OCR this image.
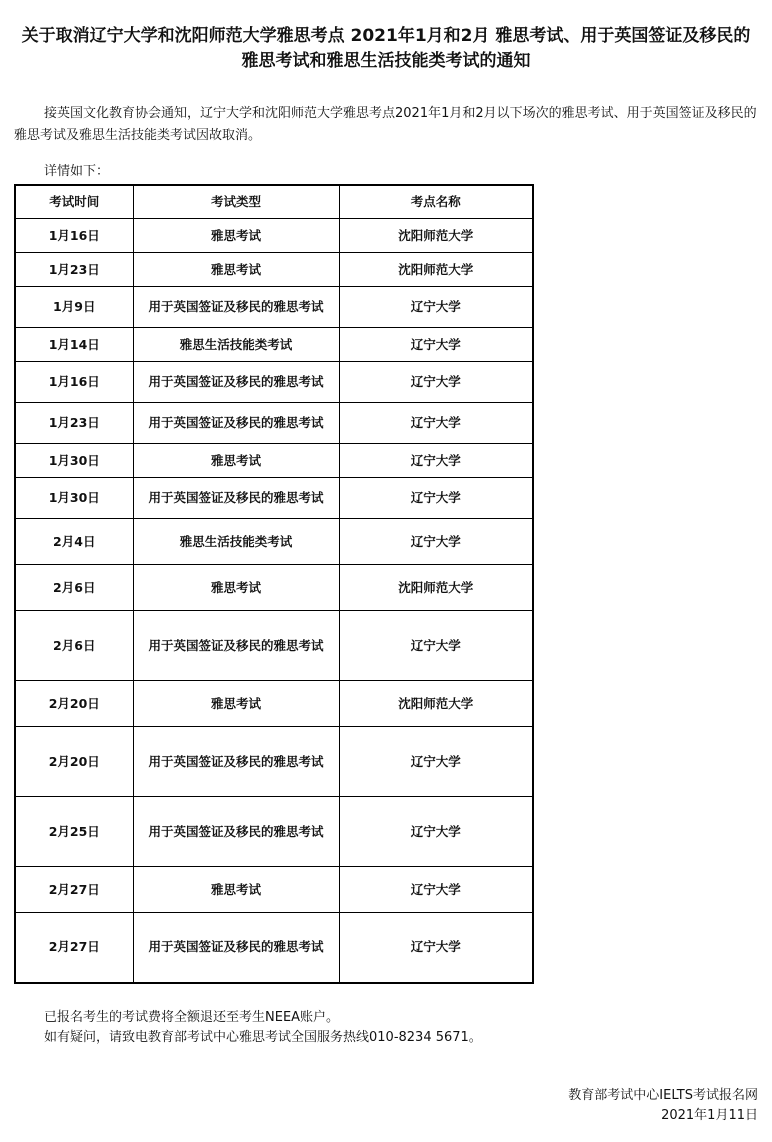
关于取消辽宁大学和沈阳师范大学雅思考点 2021年1月和2月 雅思考试、用于英国签证及移民的雅思考试和雅思生活技能类考试的通知
接英国文化教育协会通知，辽宁大学和沈阳师范大学雅思考点2021年1月和2月以下场次的雅思考试、用于英国签证及移民的雅思考试及雅思生活技能类考试因故取消。
详情如下：
考试时间	考试类型	考点名称
1月16日	雅思考试	沈阳师范大学
1月23日	雅思考试	沈阳师范大学
1月9日	用于英国签证及移民的雅思考试	辽宁大学
1月14日	雅思生活技能类考试	辽宁大学
1月16日	用于英国签证及移民的雅思考试	辽宁大学
1月23日	用于英国签证及移民的雅思考试	辽宁大学
1月30日	雅思考试	辽宁大学
1月30日	用于英国签证及移民的雅思考试	辽宁大学
2月4日	雅思生活技能类考试	辽宁大学
2月6日	雅思考试	沈阳师范大学
2月6日	用于英国签证及移民的雅思考试	辽宁大学
2月20日	雅思考试	沈阳师范大学
2月20日	用于英国签证及移民的雅思考试	辽宁大学
2月25日	用于英国签证及移民的雅思考试	辽宁大学
2月27日	雅思考试	辽宁大学
2月27日	用于英国签证及移民的雅思考试	辽宁大学
已报名考生的考试费将全额退还至考生NEEA账户。
如有疑问，请致电教育部考试中心雅思考试全国服务热线010-8234 5671。
教育部考试中心IELTS考试报名网
2021年1月11日
